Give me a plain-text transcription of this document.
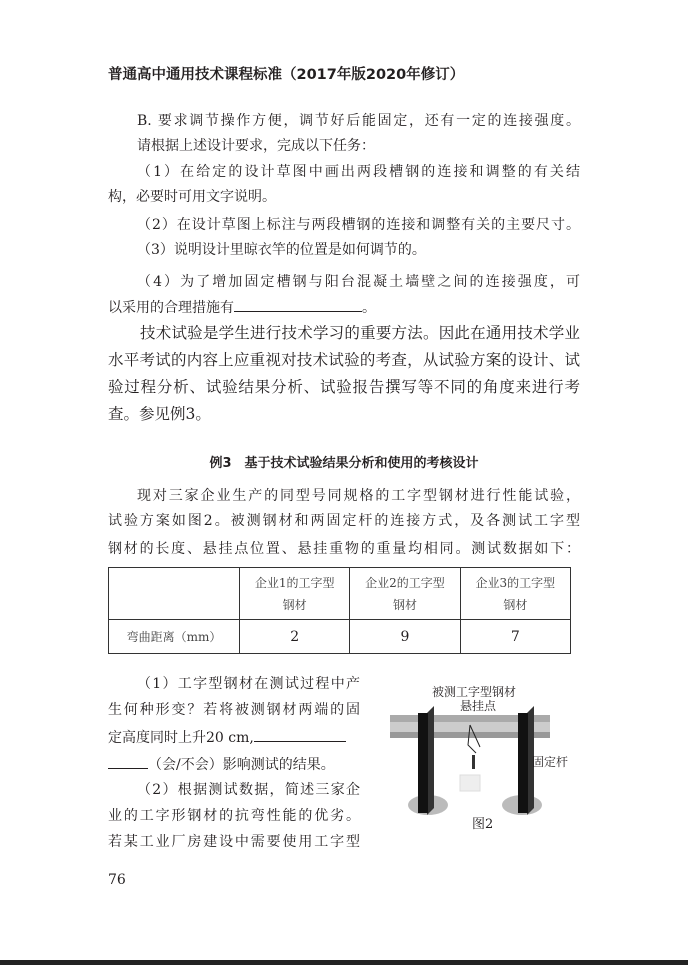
普通高中通用技术课程标准（2017年版2020年修订）
B. 要求调节操作方便，调节好后能固定，还有一定的连接强度。
请根据上述设计要求，完成以下任务：
（1）在给定的设计草图中画出两段槽钢的连接和调整的有关结
构，必要时可用文字说明。
（2）在设计草图上标注与两段槽钢的连接和调整有关的主要尺寸。
（3）说明设计里晾衣竿的位置是如何调节的。
（4）为了增加固定槽钢与阳台混凝土墙壁之间的连接强度，可
以采用的合理措施有	。
技术试验是学生进行技术学习的重要方法。因此在通用技术学业
水平考试的内容上应重视对技术试验的考查，从试验方案的设计、试
验过程分析、试验结果分析、试验报告撰写等不同的角度来进行考
查。参见例3。
例3　基于技术试验结果分析和使用的考核设计
现对三家企业生产的同型号同规格的工字型钢材进行性能试验，
试验方案如图2。被测钢材和两固定杆的连接方式，及各测试工字型
钢材的长度、悬挂点位置、悬挂重物的重量均相同。测试数据如下：
	企业1的工字型钢材	企业2的工字型钢材	企业3的工字型钢材
弯曲距离（mm）	2	9	7
（1）工字型钢材在测试过程中产
生何种形变？若将被测钢材两端的固
定高度同时上升20 cm,
（会/不会）影响测试的结果。
（2）根据测试数据，简述三家企
业的工字形钢材的抗弯性能的优劣。
若某工业厂房建设中需要使用工字型
被测工字型钢材
悬挂点
固定杆
图2
76
